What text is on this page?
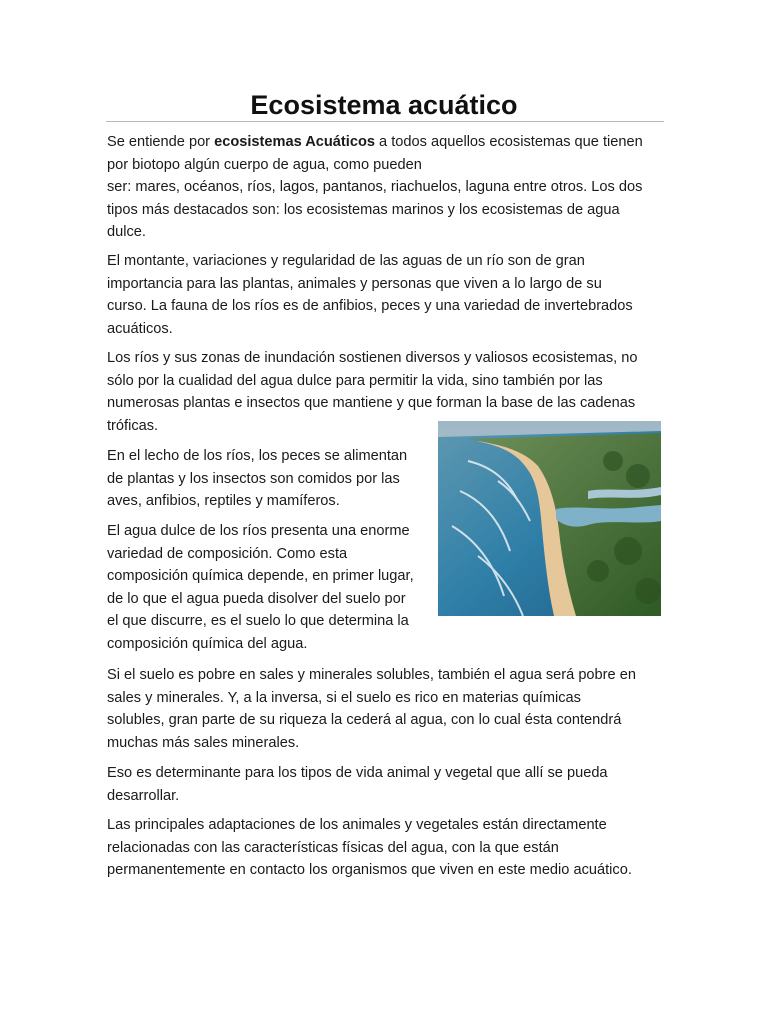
Ecosistema acuático

Se entiende por ecosistemas Acuáticos a todos aquellos ecosistemas que tienen
por biotopo algún cuerpo de agua, como pueden
ser: mares, océanos, ríos, lagos, pantanos, riachuelos, laguna entre otros. Los dos
tipos más destacados son: los ecosistemas marinos y los ecosistemas de agua
dulce.

El montante, variaciones y regularidad de las aguas de un río son de gran
importancia para las plantas, animales y personas que viven a lo largo de su
curso. La fauna de los ríos es de anfibios, peces y una variedad de invertebrados
acuáticos.

Los ríos y sus zonas de inundación sostienen diversos y valiosos ecosistemas, no
sólo por la cualidad del agua dulce para permitir la vida, sino también por las
numerosas plantas e insectos que mantiene y que forman la base de las cadenas
tróficas.

En el lecho de los ríos, los peces se alimentan
de plantas y los insectos son comidos por las
aves, anfibios, reptiles y mamíferos.

El agua dulce de los ríos presenta una enorme
variedad de composición. Como esta
composición química depende, en primer lugar,
de lo que el agua pueda disolver del suelo por
el que discurre, es el suelo lo que determina la
composición química del agua.

Si el suelo es pobre en sales y minerales solubles, también el agua será pobre en
sales y minerales. Y, a la inversa, si el suelo es rico en materias químicas
solubles, gran parte de su riqueza la cederá al agua, con lo cual ésta contendrá
muchas más sales minerales.

Eso es determinante para los tipos de vida animal y vegetal que allí se pueda
desarrollar.

Las principales adaptaciones de los animales y vegetales están directamente
relacionadas con las características físicas del agua, con la que están
permanentemente en contacto los organismos que viven en este medio acuático.
